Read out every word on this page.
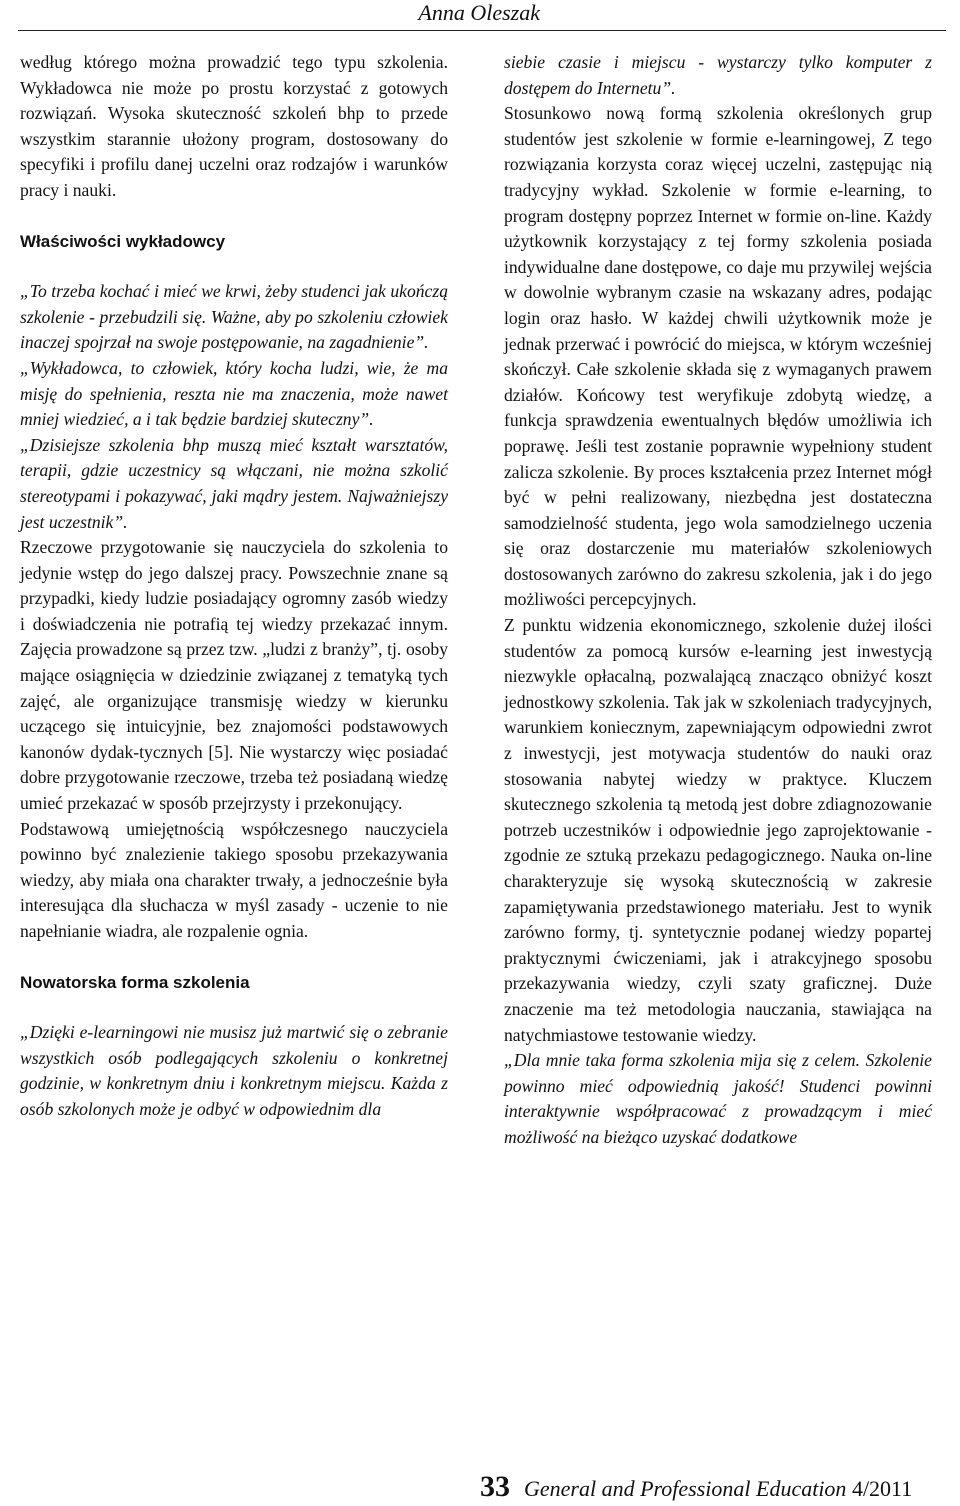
Anna Oleszak

według którego można prowadzić tego typu szkolenia. Wykładowca nie może po prostu korzystać z gotowych rozwiązań. Wysoka skuteczność szkoleń bhp to przede wszystkim starannie ułożony program, dostosowany do specyfiki i profilu danej uczelni oraz rodzajów i warunków pracy i nauki.

Właściwości wykładowcy

„To trzeba kochać i mieć we krwi, żeby studenci jak ukończą szkolenie - przebudzili się. Ważne, aby po szkoleniu człowiek inaczej spojrzał na swoje postępowanie, na zagadnienie”.

„Wykładowca, to człowiek, który kocha ludzi, wie, że ma misję do spełnienia, reszta nie ma znaczenia, może nawet mniej wiedzieć, a i tak będzie bardziej skuteczny”.

„Dzisiejsze szkolenia bhp muszą mieć kształt warsztatów, terapii, gdzie uczestnicy są włączani, nie można szkolić stereotypami i pokazywać, jaki mądry jestem. Najważniejszy jest uczestnik”.

Rzeczowe przygotowanie się nauczyciela do szkolenia to jedynie wstęp do jego dalszej pracy. Powszechnie znane są przypadki, kiedy ludzie posiadający ogromny zasób wiedzy i doświadczenia nie potrafią tej wiedzy przekazać innym. Zajęcia prowadzone są przez tzw. „ludzi z branży”, tj. osoby mające osiągnięcia w dziedzinie związanej z tematyką tych zajęć, ale organizujące transmisję wiedzy w kierunku uczącego się intuicyjnie, bez znajomości podstawowych kanonów dydak-tycznych [5]. Nie wystarczy więc posiadać dobre przygotowanie rzeczowe, trzeba też posiadaną wiedzę umieć przekazać w sposób przejrzysty i przekonujący.

Podstawową umiejętnością współczesnego nauczyciela powinno być znalezienie takiego sposobu przekazywania wiedzy, aby miała ona charakter trwały, a jednocześnie była interesująca dla słuchacza w myśl zasady - uczenie to nie napełnianie wiadra, ale rozpalenie ognia.

Nowatorska forma szkolenia

„Dzięki e-learningowi nie musisz już martwić się o zebranie wszystkich osób podlegających szkoleniu o konkretnej godzinie, w konkretnym dniu i konkretnym miejscu. Każda z osób szkolonych może je odbyć w odpowiednim dla

siebie czasie i miejscu - wystarczy tylko komputer z dostępem do Internetu”.

Stosunkowo nową formą szkolenia określonych grup studentów jest szkolenie w formie e-learningowej, Z tego rozwiązania korzysta coraz więcej uczelni, zastępując nią tradycyjny wykład. Szkolenie w formie e-learning, to program dostępny poprzez Internet w formie on-line. Każdy użytkownik korzystający z tej formy szkolenia posiada indywidualne dane dostępowe, co daje mu przywilej wejścia w dowolnie wybranym czasie na wskazany adres, podając login oraz hasło. W każdej chwili użytkownik może je jednak przerwać i powrócić do miejsca, w którym wcześniej skończył. Całe szkolenie składa się z wymaganych prawem działów. Końcowy test weryfikuje zdobytą wiedzę, a funkcja sprawdzenia ewentualnych błędów umożliwia ich poprawę. Jeśli test zostanie poprawnie wypełniony student zalicza szkolenie. By proces kształcenia przez Internet mógł być w pełni realizowany, niezbędna jest dostateczna samodzielność studenta, jego wola samodzielnego uczenia się oraz dostarczenie mu materiałów szkoleniowych dostosowanych zarówno do zakresu szkolenia, jak i do jego możliwości percepcyjnych.

Z punktu widzenia ekonomicznego, szkolenie dużej ilości studentów za pomocą kursów e-learning jest inwestycją niezwykle opłacalną, pozwalającą znacząco obniżyć koszt jednostkowy szkolenia. Tak jak w szkoleniach tradycyjnych, warunkiem koniecznym, zapewniającym odpowiedni zwrot z inwestycji, jest motywacja studentów do nauki oraz stosowania nabytej wiedzy w praktyce. Kluczem skutecznego szkolenia tą metodą jest dobre zdiagnozowanie potrzeb uczestników i odpowiednie jego zaprojektowanie - zgodnie ze sztuką przekazu pedagogicznego. Nauka on-line charakteryzuje się wysoką skutecznością w zakresie zapamiętywania przedstawionego materiału. Jest to wynik zarówno formy, tj. syntetycznie podanej wiedzy popartej praktycznymi ćwiczeniami, jak i atrakcyjnego sposobu przekazywania wiedzy, czyli szaty graficznej. Duże znaczenie ma też metodologia nauczania, stawiająca na natychmiastowe testowanie wiedzy.

„Dla mnie taka forma szkolenia mija się z celem. Szkolenie powinno mieć odpowiednią jakość! Studenci powinni interaktywnie współpracować z prowadzącym i mieć możliwość na bieżąco uzyskać dodatkowe

33 General and Professional Education 4/2011
